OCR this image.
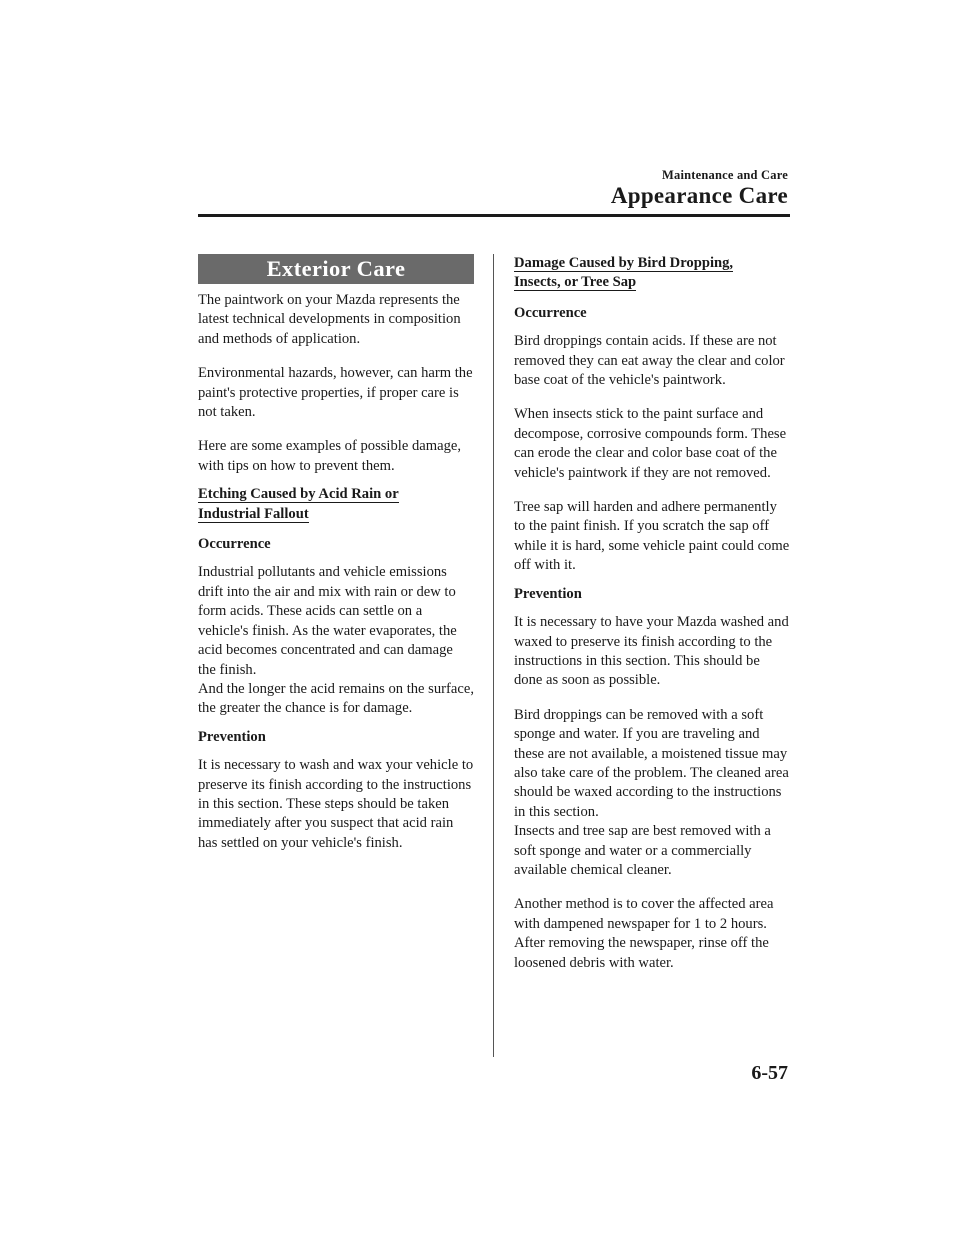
Maintenance and Care
Appearance Care
Exterior Care

The paintwork on your Mazda represents the latest technical developments in composition and methods of application.

Environmental hazards, however, can harm the paint's protective properties, if proper care is not taken.

Here are some examples of possible damage, with tips on how to prevent them.

Etching Caused by Acid Rain or
Industrial Fallout
Occurrence

Industrial pollutants and vehicle emissions drift into the air and mix with rain or dew to form acids. These acids can settle on a vehicle's finish. As the water evaporates, the acid becomes concentrated and can damage the finish.

And the longer the acid remains on the surface, the greater the chance is for damage.

Prevention

It is necessary to wash and wax your vehicle to preserve its finish according to the instructions in this section. These steps should be taken immediately after you suspect that acid rain has settled on your vehicle's finish.

Damage Caused by Bird Dropping,
Insects, or Tree Sap
Occurrence

Bird droppings contain acids. If these are not removed they can eat away the clear and color base coat of the vehicle's paintwork.

When insects stick to the paint surface and decompose, corrosive compounds form. These can erode the clear and color base coat of the vehicle's paintwork if they are not removed.

Tree sap will harden and adhere permanently to the paint finish. If you scratch the sap off while it is hard, some vehicle paint could come off with it.

Prevention

It is necessary to have your Mazda washed and waxed to preserve its finish according to the instructions in this section. This should be done as soon as possible.

Bird droppings can be removed with a soft sponge and water. If you are traveling and these are not available, a moistened tissue may also take care of the problem. The cleaned area should be waxed according to the instructions in this section.

Insects and tree sap are best removed with a soft sponge and water or a commercially available chemical cleaner.

Another method is to cover the affected area with dampened newspaper for 1 to 2 hours. After removing the newspaper, rinse off the loosened debris with water.

6-57
